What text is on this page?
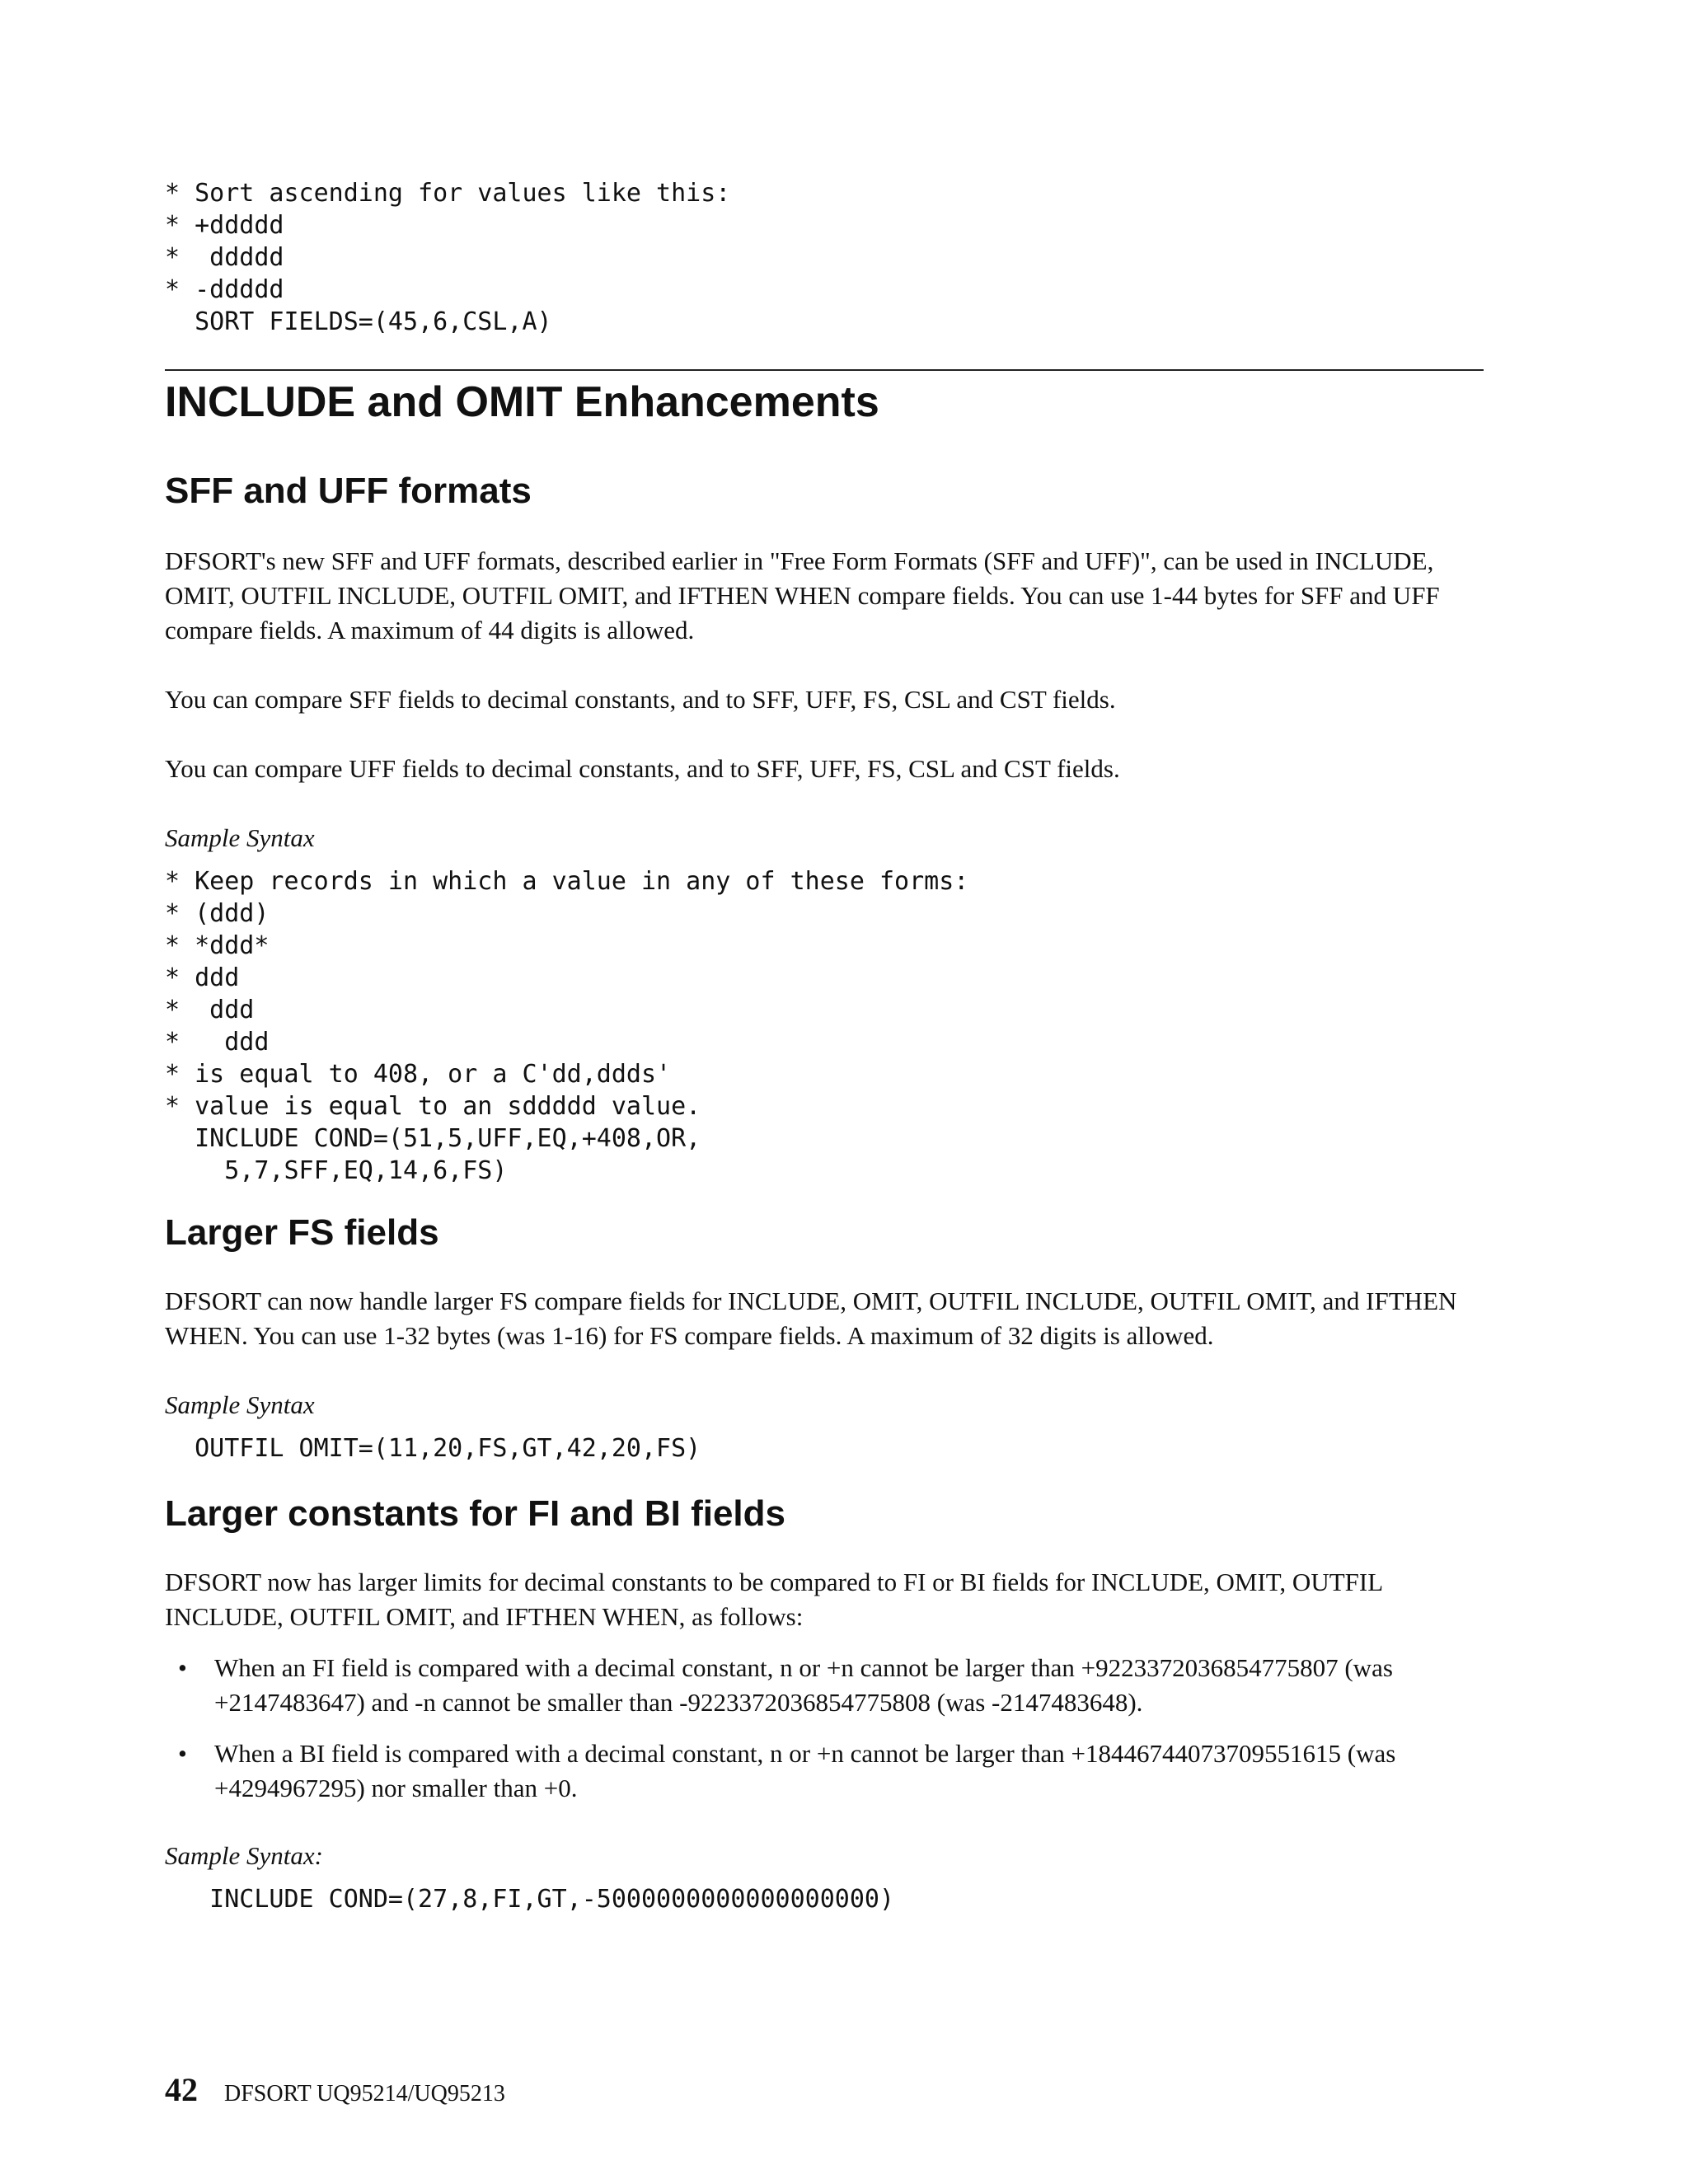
* Sort ascending for values like this:
* +ddddd
*  ddddd
* -ddddd
SORT FIELDS=(45,6,CSL,A)
INCLUDE and OMIT Enhancements
SFF and UFF formats

DFSORT's new SFF and UFF formats, described earlier in "Free Form Formats (SFF and UFF)", can be used in INCLUDE, OMIT, OUTFIL INCLUDE, OUTFIL OMIT, and IFTHEN WHEN compare fields. You can use 1-44 bytes for SFF and UFF compare fields. A maximum of 44 digits is allowed.

You can compare SFF fields to decimal constants, and to SFF, UFF, FS, CSL and CST fields.

You can compare UFF fields to decimal constants, and to SFF, UFF, FS, CSL and CST fields.

Sample Syntax

* Keep records in which a value in any of these forms:
* (ddd)
* *ddd*
* ddd
*  ddd
*   ddd
* is equal to 408, or a C'dd,ddds'
* value is equal to an sddddd value.
INCLUDE COND=(51,5,UFF,EQ,+408,OR,
5,7,SFF,EQ,14,6,FS)
Larger FS fields

DFSORT can now handle larger FS compare fields for INCLUDE, OMIT, OUTFIL INCLUDE, OUTFIL OMIT, and IFTHEN WHEN. You can use 1-32 bytes (was 1-16) for FS compare fields. A maximum of 32 digits is allowed.

Sample Syntax

OUTFIL OMIT=(11,20,FS,GT,42,20,FS)
Larger constants for FI and BI fields

DFSORT now has larger limits for decimal constants to be compared to FI or BI fields for INCLUDE, OMIT, OUTFIL INCLUDE, OUTFIL OMIT, and IFTHEN WHEN, as follows:

• When an FI field is compared with a decimal constant, n or +n cannot be larger than +9223372036854775807 (was +2147483647) and -n cannot be smaller than -9223372036854775808 (was -2147483648).
• When a BI field is compared with a decimal constant, n or +n cannot be larger than +18446744073709551615 (was +4294967295) nor smaller than +0.

Sample Syntax:

INCLUDE COND=(27,8,FI,GT,-5000000000000000000)
42 DFSORT UQ95214/UQ95213
